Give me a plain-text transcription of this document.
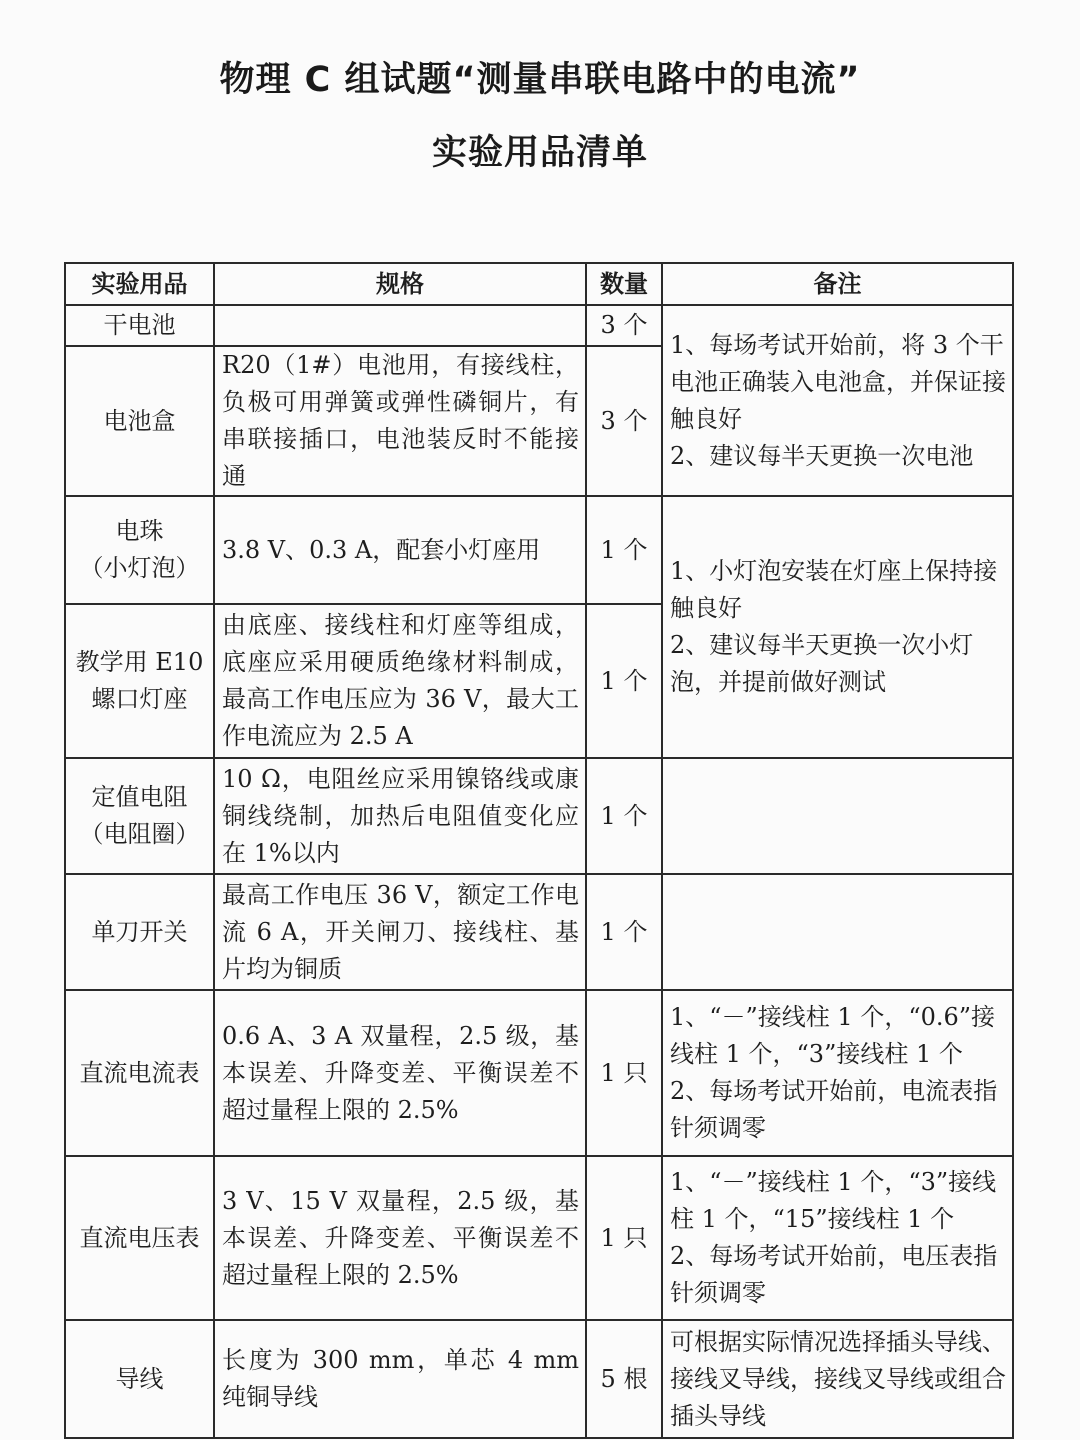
物理 C 组试题“测量串联电路中的电流”
实验用品清单
实验用品	规格	数量	备注

干电池		3 个	1、每场考试开始前，将 3 个干电池正确装入电池盒，并保证接触良好
2、建议每半天更换一次电池

电池盒	R20（1#）电池用，有接线柱，负极可用弹簧或弹性磷铜片，有串联接插口，电池装反时不能接通	3 个	

电珠
（小灯泡）	3.8 V、0.3 A，配套小灯座用	1 个	1、小灯泡安装在灯座上保持接触良好
2、建议每半天更换一次小灯泡，并提前做好测试

教学用 E10
螺口灯座	由底座、接线柱和灯座等组成，底座应采用硬质绝缘材料制成，最高工作电压应为 36 V，最大工作电流应为 2.5 A	1 个	

定值电阻
（电阻圈）	10 Ω，电阻丝应采用镍铬线或康铜线绕制，加热后电阻值变化应在 1%以内	1 个	

单刀开关	最高工作电压 36 V，额定工作电流 6 A，开关闸刀、接线柱、基片均为铜质	1 个	

直流电流表	0.6 A、3 A 双量程，2.5 级，基本误差、升降变差、平衡误差不超过量程上限的 2.5%	1 只	1、“－”接线柱 1 个，“0.6”接线柱 1 个，“3”接线柱 1 个
2、每场考试开始前，电流表指针须调零

直流电压表	3 V、15 V 双量程，2.5 级，基本误差、升降变差、平衡误差不超过量程上限的 2.5%	1 只	1、“－”接线柱 1 个，“3”接线柱 1 个，“15”接线柱 1 个
2、每场考试开始前，电压表指针须调零

导线	长度为 300 mm，单芯 4 mm 纯铜导线	5 根	可根据实际情况选择插头导线、接线叉导线，接线叉导线或组合插头导线
